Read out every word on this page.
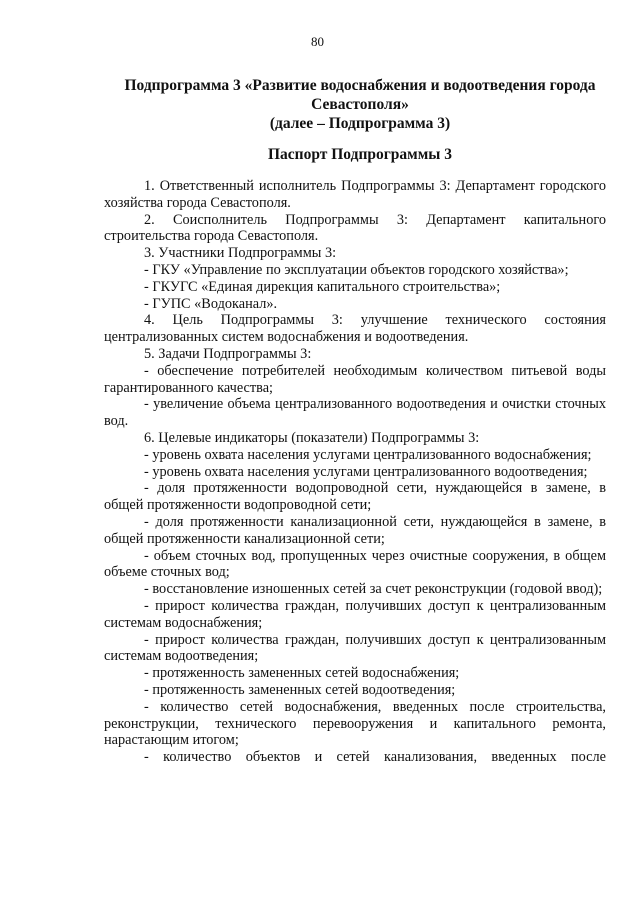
80
Подпрограмма 3 «Развитие водоснабжения и водоотведения города
Севастополя»
(далее – Подпрограмма 3)
Паспорт Подпрограммы 3

1. Ответственный исполнитель Подпрограммы 3: Департамент городского хозяйства города Севастополя.

2. Соисполнитель Подпрограммы 3: Департамент капитального строительства города Севастополя.

3. Участники Подпрограммы 3:

- ГКУ «Управление по эксплуатации объектов городского хозяйства»;

- ГКУГС «Единая дирекция капитального строительства»;

- ГУПС «Водоканал».

4. Цель Подпрограммы 3: улучшение технического состояния централизованных систем водоснабжения и водоотведения.

5. Задачи Подпрограммы 3:

- обеспечение потребителей необходимым количеством питьевой воды гарантированного качества;

- увеличение объема централизованного водоотведения и очистки сточных вод.

6. Целевые индикаторы (показатели) Подпрограммы 3:

- уровень охвата населения услугами централизованного водоснабжения;

- уровень охвата населения услугами централизованного водоотведения;

- доля протяженности водопроводной сети, нуждающейся в замене, в общей протяженности водопроводной сети;

- доля протяженности канализационной сети, нуждающейся в замене, в общей протяженности канализационной сети;

- объем сточных вод, пропущенных через очистные сооружения, в общем объеме сточных вод;

- восстановление изношенных сетей за счет реконструкции (годовой ввод);

- прирост количества граждан, получивших доступ к централизованным системам водоснабжения;

- прирост количества граждан, получивших доступ к централизованным системам водоотведения;

- протяженность замененных сетей водоснабжения;

- протяженность замененных сетей водоотведения;

- количество сетей водоснабжения, введенных после строительства, реконструкции, технического перевооружения и капитального ремонта, нарастающим итогом;

- количество объектов и сетей канализования, введенных после
